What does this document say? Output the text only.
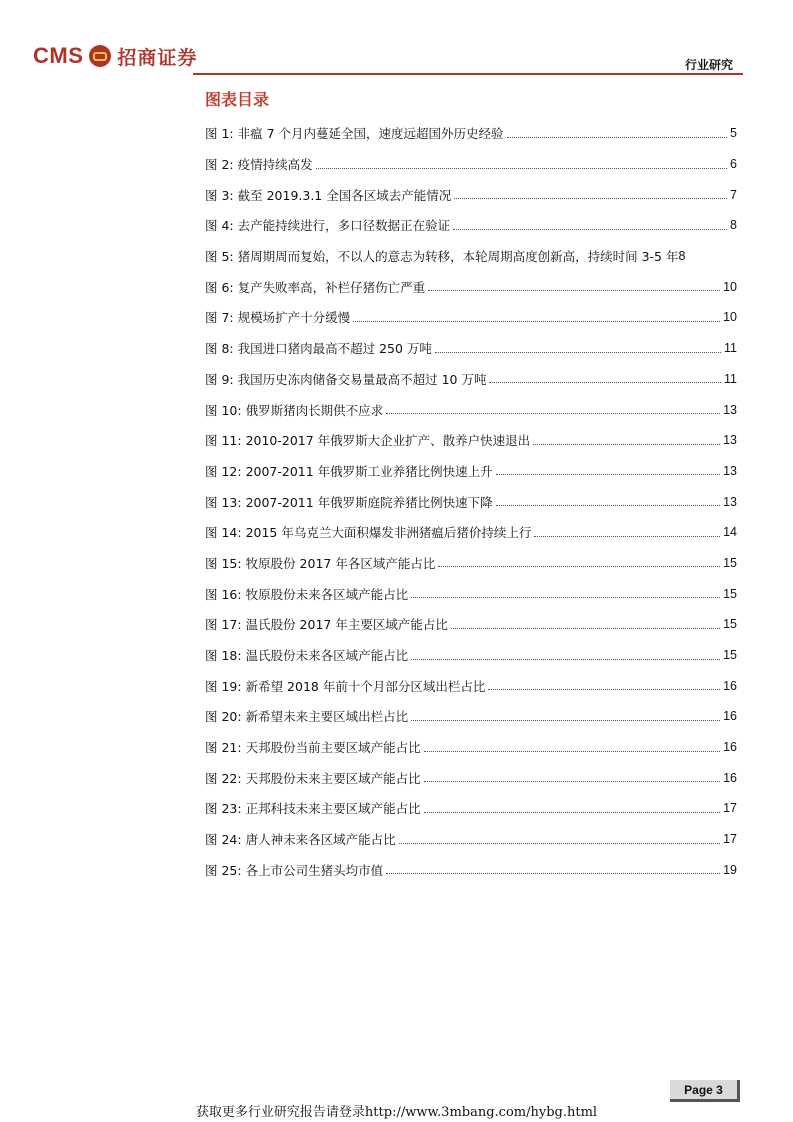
CMS 招商证券	行业研究
图表目录
图 1: 非瘟 7 个月内蔓延全国，速度远超国外历史经验	5
图 2: 疫情持续高发	6
图 3: 截至 2019.3.1 全国各区域去产能情况	7
图 4: 去产能持续进行，多口径数据正在验证	8
图 5: 猪周期周而复始，不以人的意志为转移，本轮周期高度创新高，持续时间 3-5 年 8
图 6: 复产失败率高，补栏仔猪伤亡严重	10
图 7: 规模场扩产十分缓慢	10
图 8: 我国进口猪肉最高不超过 250 万吨	11
图 9: 我国历史冻肉储备交易量最高不超过 10 万吨	11
图 10: 俄罗斯猪肉长期供不应求	13
图 11: 2010-2017 年俄罗斯大企业扩产、散养户快速退出	13
图 12: 2007-2011 年俄罗斯工业养猪比例快速上升	13
图 13: 2007-2011 年俄罗斯庭院养猪比例快速下降	13
图 14: 2015 年乌克兰大面积爆发非洲猪瘟后猪价持续上行	14
图 15: 牧原股份 2017 年各区域产能占比	15
图 16: 牧原股份未来各区域产能占比	15
图 17: 温氏股份 2017 年主要区域产能占比	15
图 18: 温氏股份未来各区域产能占比	15
图 19: 新希望 2018 年前十个月部分区域出栏占比	16
图 20: 新希望未来主要区域出栏占比	16
图 21: 天邦股份当前主要区域产能占比	16
图 22: 天邦股份未来主要区域产能占比	16
图 23: 正邦科技未来主要区域产能占比	17
图 24: 唐人神未来各区域产能占比	17
图 25: 各上市公司生猪头均市值	19
Page 3
获取更多行业研究报告请登录http://www.3mbang.com/hybg.html
